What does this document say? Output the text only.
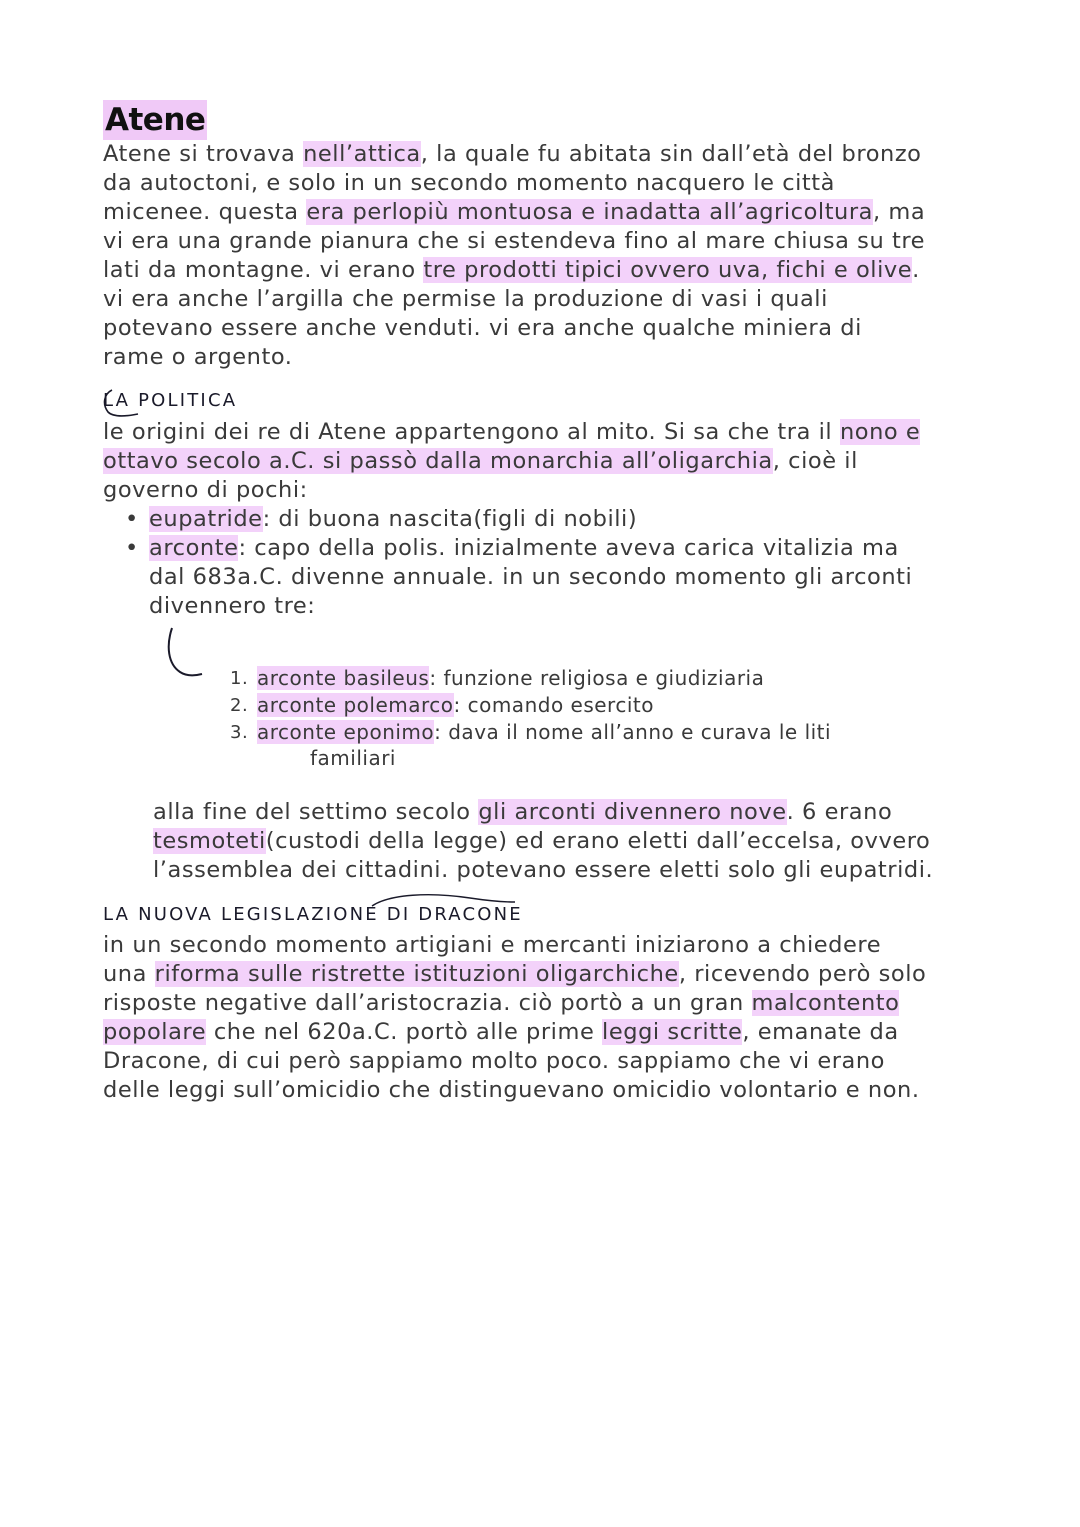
Atene
Atene si trovava nell’attica, la quale fu abitata sin dall’età del bronzo
da autoctoni, e solo in un secondo momento nacquero le città
micenee. questa era perlopiù montuosa e inadatta all’agricoltura, ma
vi era una grande pianura che si estendeva fino al mare chiusa su tre
lati da montagne. vi erano tre prodotti tipici ovvero uva, fichi e olive.
vi era anche l’argilla che permise la produzione di vasi i quali
potevano essere anche venduti. vi era anche qualche miniera di
rame o argento.
LA POLITICA
le origini dei re di Atene appartengono al mito. Si sa che tra il nono e
ottavo secolo a.C. si passò dalla monarchia all’oligarchia, cioè il
governo di pochi:
• eupatride: di buona nascita(figli di nobili)
• arconte: capo della polis. inizialmente aveva carica vitalizia ma
dal 683a.C. divenne annuale. in un secondo momento gli arconti
divennero tre:
1. arconte basileus: funzione religiosa e giudiziaria
2. arconte polemarco: comando esercito
3. arconte eponimo: dava il nome all’anno e curava le liti
familiari
alla fine del settimo secolo gli arconti divennero nove. 6 erano
tesmoteti(custodi della legge) ed erano eletti dall’eccelsa, ovvero
l’assemblea dei cittadini. potevano essere eletti solo gli eupatridi.
LA NUOVA LEGISLAZIONE DI DRACONE
in un secondo momento artigiani e mercanti iniziarono a chiedere
una riforma sulle ristrette istituzioni oligarchiche, ricevendo però solo
risposte negative dall’aristocrazia. ciò portò a un gran malcontento
popolare che nel 620a.C. portò alle prime leggi scritte, emanate da
Dracone, di cui però sappiamo molto poco. sappiamo che vi erano
delle leggi sull’omicidio che distinguevano omicidio volontario e non.
